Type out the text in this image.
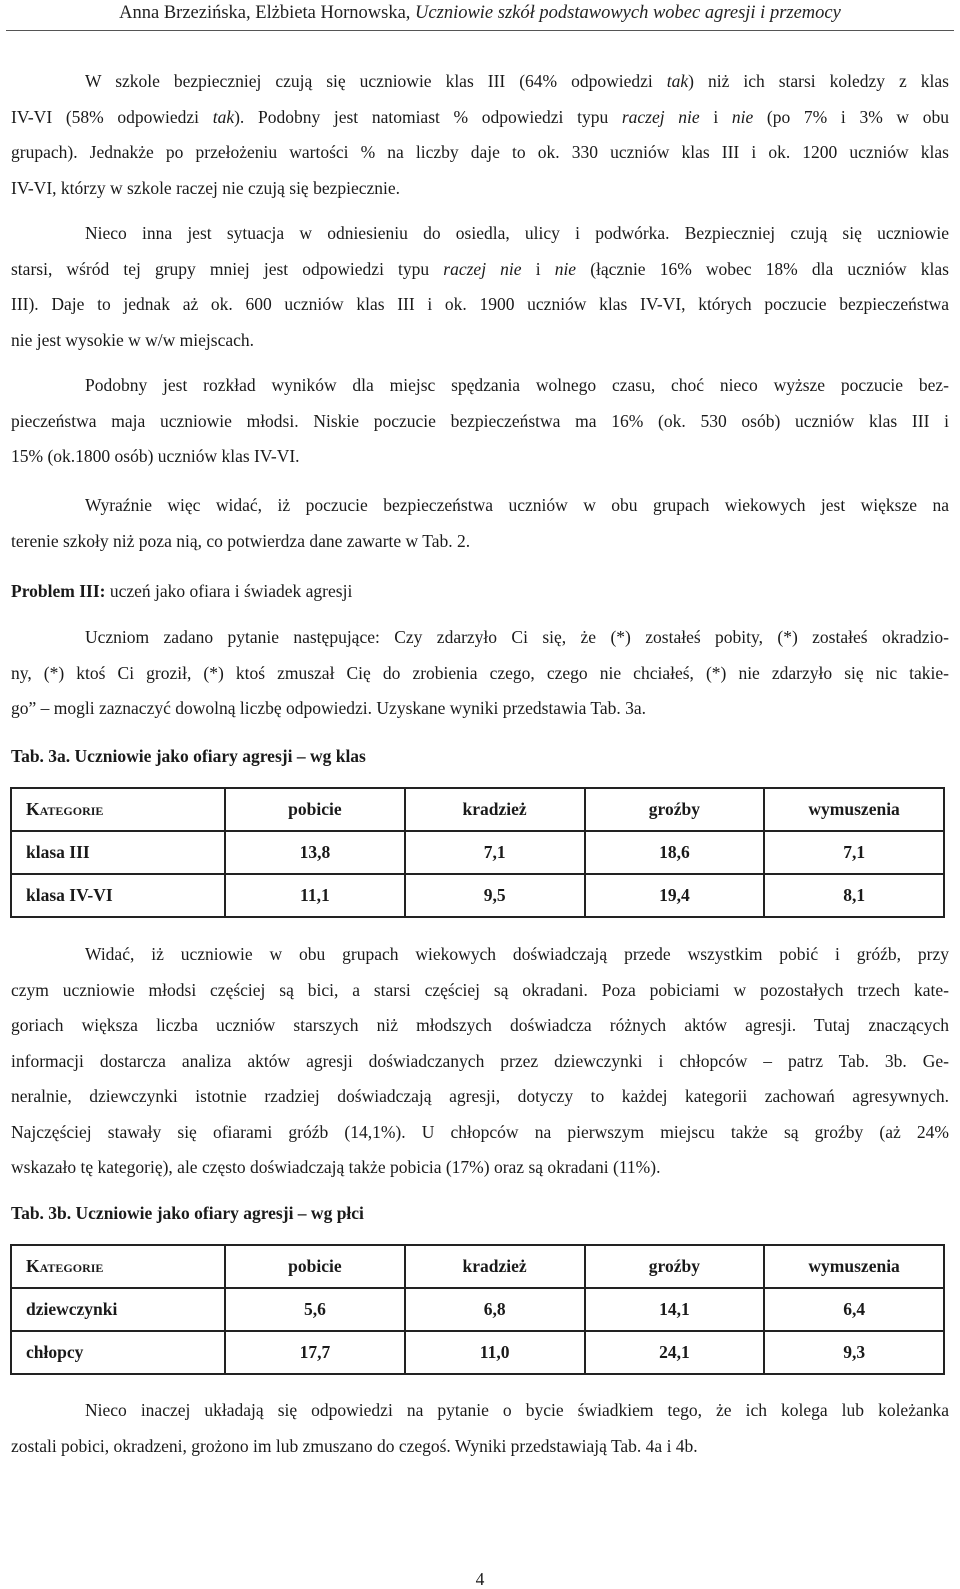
Anna Brzezińska, Elżbieta Hornowska, Uczniowie szkół podstawowych wobec agresji i przemocy

W szkole bezpieczniej czują się uczniowie klas III (64% odpowiedzi tak) niż ich starsi koledzy z klas
IV-VI (58% odpowiedzi tak). Podobny jest natomiast % odpowiedzi typu raczej nie i nie (po 7% i 3% w obu
grupach). Jednakże po przełożeniu wartości % na liczby daje to ok. 330 uczniów klas III i ok. 1200 uczniów klas
IV-VI, którzy w szkole raczej nie czują się bezpiecznie.

Nieco inna jest sytuacja w odniesieniu do osiedla, ulicy i podwórka. Bezpieczniej czują się uczniowie
starsi, wśród tej grupy mniej jest odpowiedzi typu raczej nie i nie (łącznie 16% wobec 18% dla uczniów klas
III). Daje to jednak aż ok. 600 uczniów klas III i ok. 1900 uczniów klas IV-VI, których poczucie bezpieczeństwa
nie jest wysokie w w/w miejscach.

Podobny jest rozkład wyników dla miejsc spędzania wolnego czasu, choć nieco wyższe poczucie bez-
pieczeństwa maja uczniowie młodsi. Niskie poczucie bezpieczeństwa ma 16% (ok. 530 osób) uczniów klas III i
15% (ok.1800 osób) uczniów klas IV-VI.

Wyraźnie więc widać, iż poczucie bezpieczeństwa uczniów w obu grupach wiekowych jest większe na
terenie szkoły niż poza nią, co potwierdza dane zawarte w Tab. 2.

Problem III: uczeń jako ofiara i świadek agresji

Uczniom zadano pytanie następujące: Czy zdarzyło Ci się, że (*) zostałeś pobity, (*) zostałeś okradzio-
ny, (*) ktoś Ci groził, (*) ktoś zmuszał Cię do zrobienia czego, czego nie chciałeś, (*) nie zdarzyło się nic takie-
go” – mogli zaznaczyć dowolną liczbę odpowiedzi. Uzyskane wyniki przedstawia Tab. 3a.

Tab. 3a. Uczniowie jako ofiary agresji – wg klas

Kategorie	pobicie	kradzież	groźby	wymuszenia
klasa III	13,8	7,1	18,6	7,1
klasa IV-VI	11,1	9,5	19,4	8,1

Widać, iż uczniowie w obu grupach wiekowych doświadczają przede wszystkim pobić i gróźb, przy
czym uczniowie młodsi częściej są bici, a starsi częściej są okradani. Poza pobiciami w pozostałych trzech kate-
goriach większa liczba uczniów starszych niż młodszych doświadcza różnych aktów agresji. Tutaj znaczących
informacji dostarcza analiza aktów agresji doświadczanych przez dziewczynki i chłopców – patrz Tab. 3b. Ge-
neralnie, dziewczynki istotnie rzadziej doświadczają agresji, dotyczy to każdej kategorii zachowań agresywnych.
Najczęściej stawały się ofiarami gróźb (14,1%). U chłopców na pierwszym miejscu także są groźby (aż 24%
wskazało tę kategorię), ale często doświadczają także pobicia (17%) oraz są okradani (11%).

Tab. 3b. Uczniowie jako ofiary agresji – wg płci

Kategorie	pobicie	kradzież	groźby	wymuszenia
dziewczynki	5,6	6,8	14,1	6,4
chłopcy	17,7	11,0	24,1	9,3

Nieco inaczej układają się odpowiedzi na pytanie o bycie świadkiem tego, że ich kolega lub koleżanka
zostali pobici, okradzeni, grożono im lub zmuszano do czegoś. Wyniki przedstawiają Tab. 4a i 4b.

4
